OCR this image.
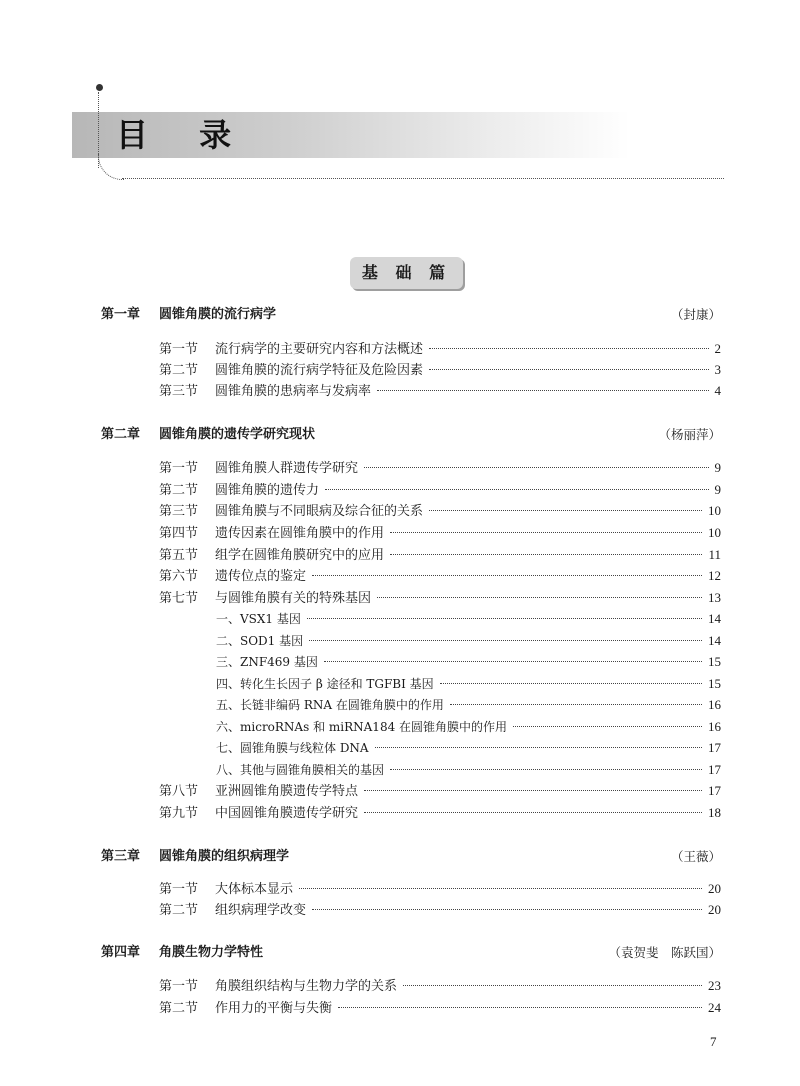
目 录
基 础 篇
第一章 圆锥角膜的流行病学	（封康）
第一节	流行病学的主要研究内容和方法概述	2
第二节	圆锥角膜的流行病学特征及危险因素	3
第三节	圆锥角膜的患病率与发病率	4
第二章 圆锥角膜的遗传学研究现状	（杨丽萍）
第一节	圆锥角膜人群遗传学研究	9
第二节	圆锥角膜的遗传力	9
第三节	圆锥角膜与不同眼病及综合征的关系	10
第四节	遗传因素在圆锥角膜中的作用	10
第五节	组学在圆锥角膜研究中的应用	11
第六节	遗传位点的鉴定	12
第七节	与圆锥角膜有关的特殊基因	13
一、VSX1 基因	14
二、SOD1 基因	14
三、ZNF469 基因	15
四、转化生长因子 β 途径和 TGFBI 基因	15
五、长链非编码 RNA 在圆锥角膜中的作用	16
六、microRNAs 和 miRNA184 在圆锥角膜中的作用	16
七、圆锥角膜与线粒体 DNA	17
八、其他与圆锥角膜相关的基因	17
第八节	亚洲圆锥角膜遗传学特点	17
第九节	中国圆锥角膜遗传学研究	18
第三章 圆锥角膜的组织病理学	（王薇）
第一节	大体标本显示	20
第二节	组织病理学改变	20
第四章 角膜生物力学特性	（袁贺斐　陈跃国）
第一节	角膜组织结构与生物力学的关系	23
第二节	作用力的平衡与失衡	24
7
